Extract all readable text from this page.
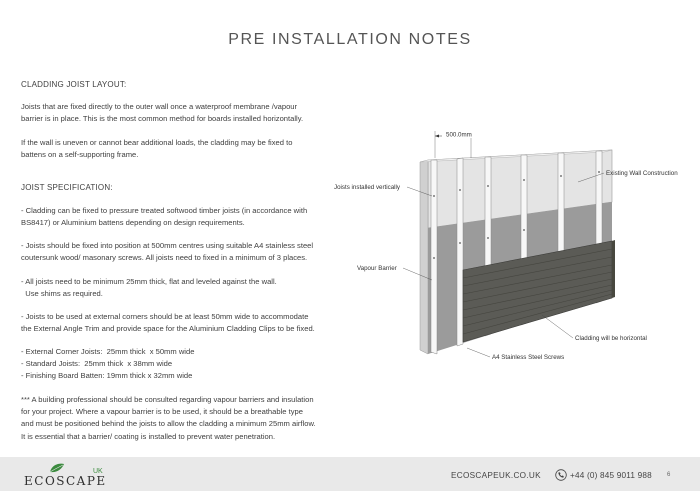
PRE INSTALLATION NOTES
CLADDING JOIST LAYOUT:
Joists that are fixed directly to the outer wall once a waterproof membrane /vapour
barrier is in place. This is the most common method for boards installed horizontally.
If the wall is uneven or cannot bear additional loads, the cladding may be fixed to
battens on a self-supporting frame.
JOIST SPECIFICATION:
- Cladding can be fixed to pressure treated softwood timber joists (in accordance with
BS8417) or Aluminium battens depending on design requirements.
- Joists should be fixed into position at 500mm centres using suitable A4 stainless steel
coutersunk wood/ masonary screws. All joists need to fixed in a minimum of 3 places.
- All joists need to be minimum 25mm thick, flat and leveled against the wall.
Use shims as required.
- Joists to be used at external corners should be at least 50mm wide to accommodate
the External Angle Trim and provide space for the Aluminium Cladding Clips to be fixed.
- External Corner Joists:  25mm thick  x 50mm wide
- Standard Joists:  25mm thick  x 38mm wide
- Finishing Board Batten: 19mm thick x 32mm wide
*** A building professional should be consulted regarding vapour barriers and insulation
for your project. Where a vapour barrier is to be used, it should be a breathable type
and must be positioned behind the joists to allow the cladding a minimum 25mm airflow.
It is essential that a barrier/ coating is installed to prevent water penetration.
500.0mm
Joists installed vertically
Existing Wall Construction
Vapour Barrier
Cladding will be horizontal
A4 Stainless Steel Screws
ECOSCAPE
UK	ECOSCAPEUK.CO.UK	+44 (0) 845 9011 988	6
